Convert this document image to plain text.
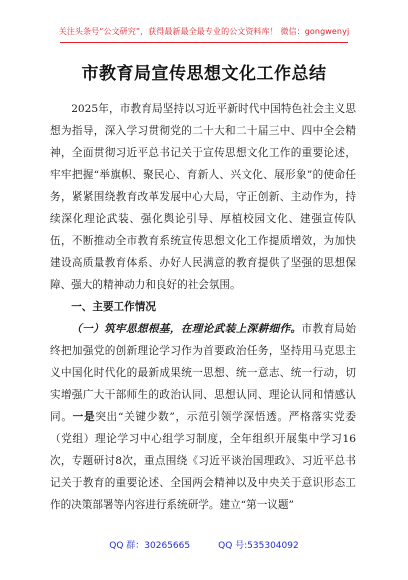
关注头条号“公文研究”，获得最新最全最专业的公文资料库！ 微信：gongwenyj
市教育局宣传思想文化工作总结

2025年，市教育局坚持以习近平新时代中国特色社会主义思想为指导，深入学习贯彻党的二十大和二十届三中、四中全会精神，全面贯彻习近平总书记关于宣传思想文化工作的重要论述，牢牢把握“举旗帜、聚民心、育新人、兴文化、展形象”的使命任务，紧紧围绕教育改革发展中心大局，守正创新、主动作为，持续深化理论武装、强化舆论引导、厚植校园文化、建强宣传队伍，不断推动全市教育系统宣传思想文化工作提质增效，为加快建设高质量教育体系、办好人民满意的教育提供了坚强的思想保障、强大的精神动力和良好的社会氛围。

一、主要工作情况

（一）筑牢思想根基，在理论武装上深耕细作。市教育局始终把加强党的创新理论学习作为首要政治任务，坚持用马克思主义中国化时代化的最新成果统一思想、统一意志、统一行动，切实增强广大干部师生的政治认同、思想认同、理论认同和情感认同。一是突出“关键少数”，示范引领学深悟透。严格落实党委（党组）理论学习中心组学习制度，全年组织开展集中学习16次，专题研讨8次，重点围绕《习近平谈治国理政》、习近平总书记关于教育的重要论述、全国两会精神以及中央关于意识形态工作的决策部署等内容进行系统研学。建立“第一议题”

QQ 群：30265665	QQ 号:535304092
